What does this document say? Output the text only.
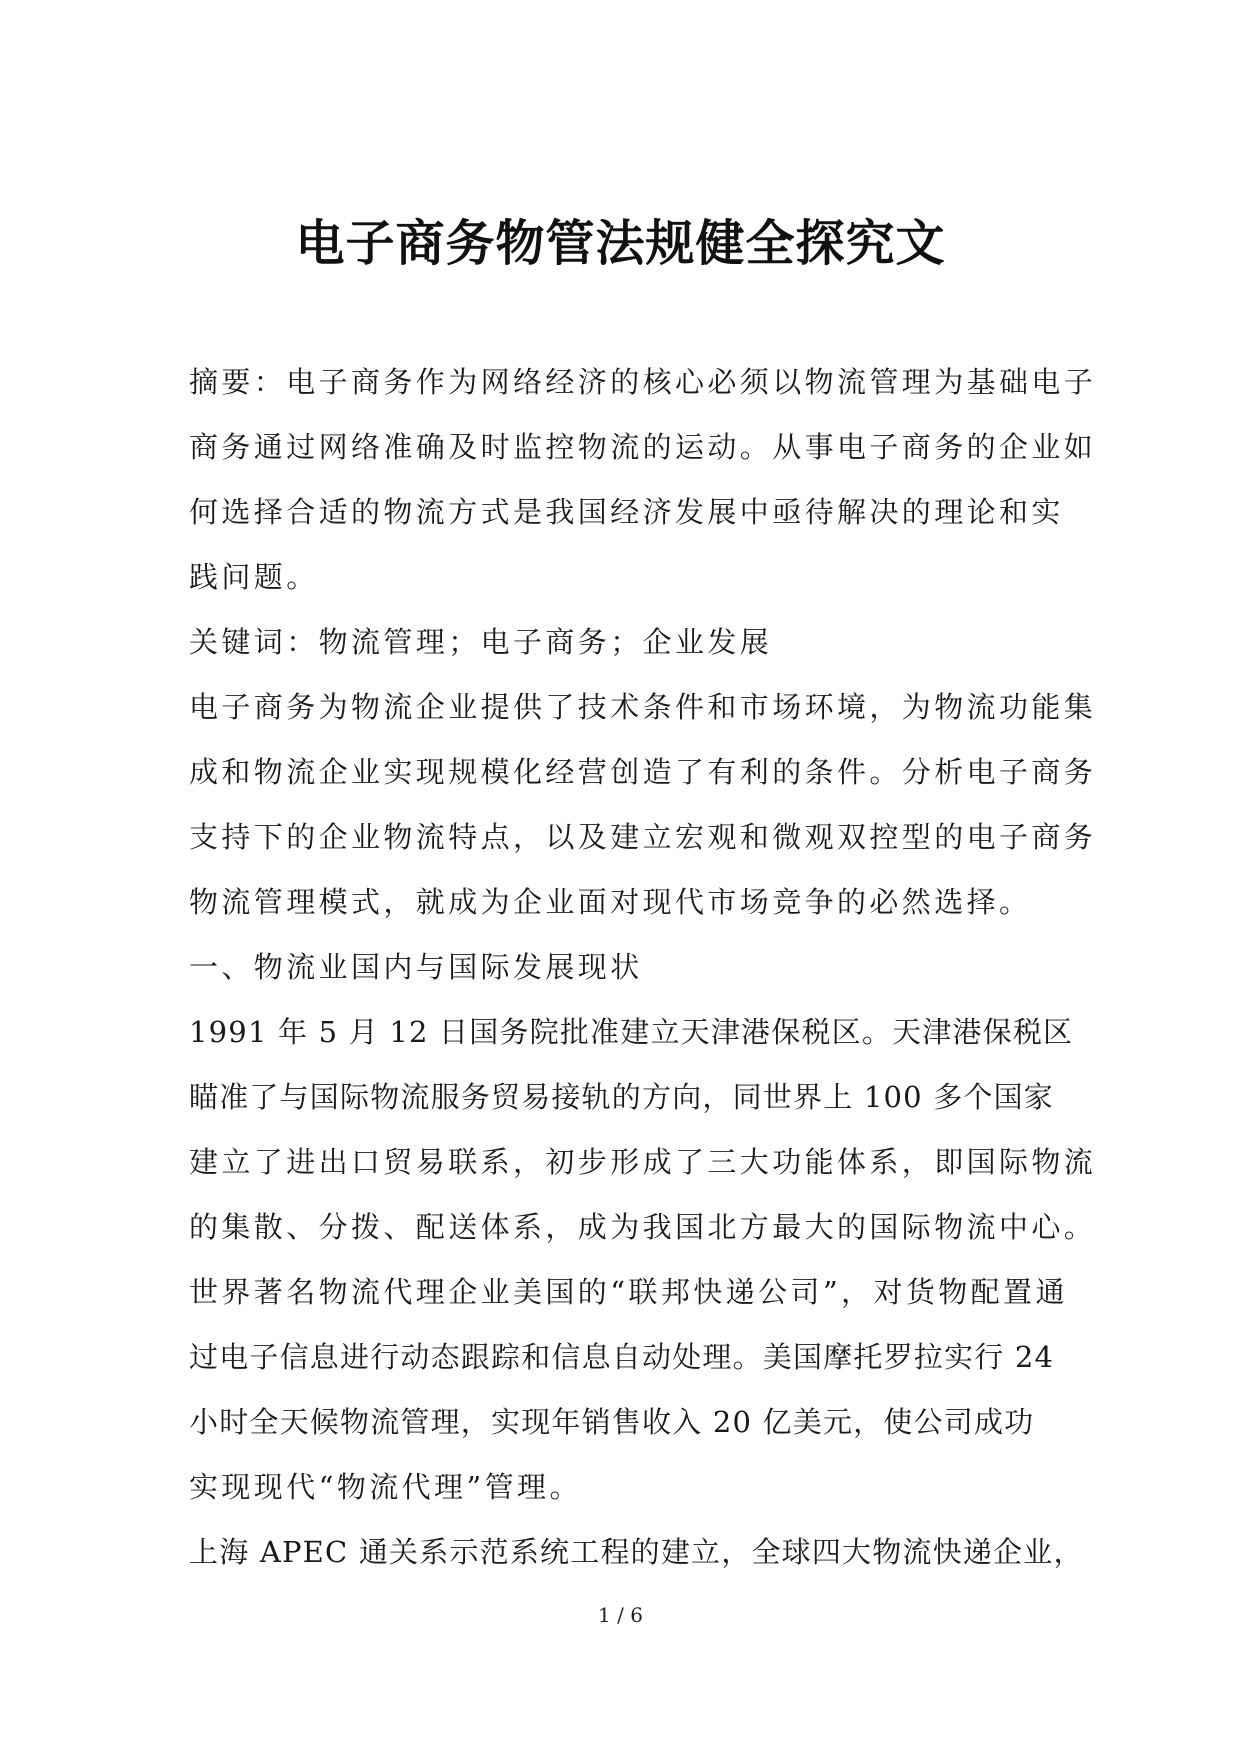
电子商务物管法规健全探究文
摘要：电子商务作为网络经济的核心必须以物流管理为基础电子
商务通过网络准确及时监控物流的运动。从事电子商务的企业如
何选择合适的物流方式是我国经济发展中亟待解决的理论和实
践问题。
关键词：物流管理；电子商务；企业发展
电子商务为物流企业提供了技术条件和市场环境，为物流功能集
成和物流企业实现规模化经营创造了有利的条件。分析电子商务
支持下的企业物流特点，以及建立宏观和微观双控型的电子商务
物流管理模式，就成为企业面对现代市场竞争的必然选择。
一、物流业国内与国际发展现状
1991 年 5 月 12 日国务院批准建立天津港保税区。天津港保税区
瞄准了与国际物流服务贸易接轨的方向，同世界上 100 多个国家
建立了进出口贸易联系，初步形成了三大功能体系，即国际物流
的集散、分拨、配送体系，成为我国北方最大的国际物流中心。
世界著名物流代理企业美国的“联邦快递公司”，对货物配置通
过电子信息进行动态跟踪和信息自动处理。美国摩托罗拉实行 24
小时全天候物流管理，实现年销售收入 20 亿美元，使公司成功
实现现代“物流代理”管理。
上海 APEC 通关系示范系统工程的建立，全球四大物流快递企业，
1 / 6
